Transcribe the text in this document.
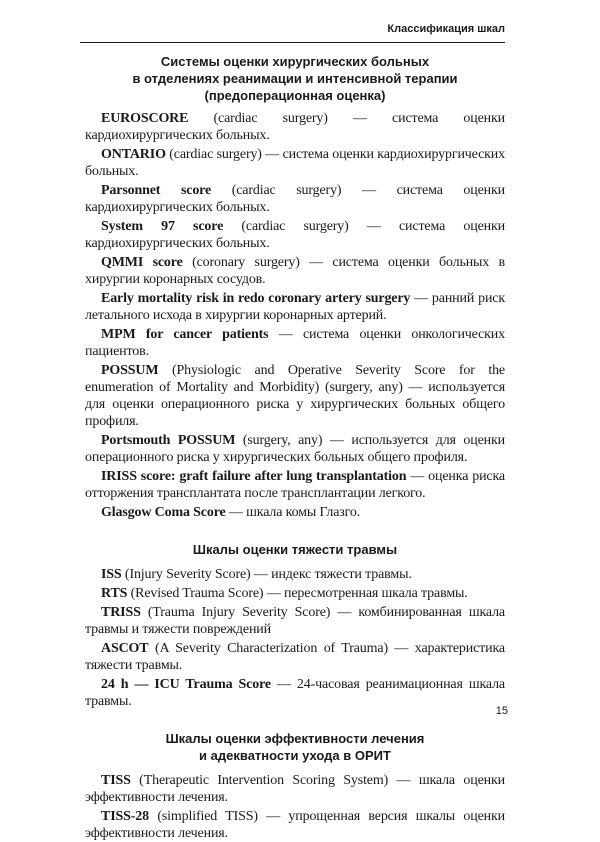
Классификация шкал
Системы оценки хирургических больных
в отделениях реанимации и интенсивной терапии
(предоперационная оценка)

EUROSCORE (cardiac surgery) — система оценки кардиохирургических больных.

ONTARIO (cardiac surgery) — система оценки кардиохирургических больных.

Parsonnet score (cardiac surgery) — система оценки кардиохирургических больных.

System 97 score (cardiac surgery) — система оценки кардиохирургических больных.

QMMI score (coronary surgery) — система оценки больных в хирургии коронарных сосудов.

Early mortality risk in redo coronary artery surgery — ранний риск летального исхода в хирургии коронарных артерий.

MPM for cancer patients — система оценки онкологических пациентов.

POSSUM (Physiologic and Operative Severity Score for the enumeration of Mortality and Morbidity) (surgery, any) — используется для оценки операционного риска у хирургических больных общего профиля.

Portsmouth POSSUM (surgery, any) — используется для оценки операционного риска у хирургических больных общего профиля.

IRISS score: graft failure after lung transplantation — оценка риска отторжения трансплантата после трансплантации легкого.

Glasgow Coma Score — шкала комы Глазго.

Шкалы оценки тяжести травмы

ISS (Injury Severity Score) — индекс тяжести травмы.

RTS (Revised Trauma Score) — пересмотренная шкала травмы.

TRISS (Trauma Injury Severity Score) — комбинированная шкала травмы и тяжести повреждений

ASCOT (A Severity Characterization of Trauma) — характеристика тяжести травмы.

24 h — ICU Trauma Score — 24-часовая реанимационная шкала травмы.

Шкалы оценки эффективности лечения
и адекватности ухода в ОРИТ

TISS (Therapeutic Intervention Scoring System) — шкала оценки эффективности лечения.

TISS-28 (simplified TISS) — упрощенная версия шкалы оценки эффективности лечения.

15
